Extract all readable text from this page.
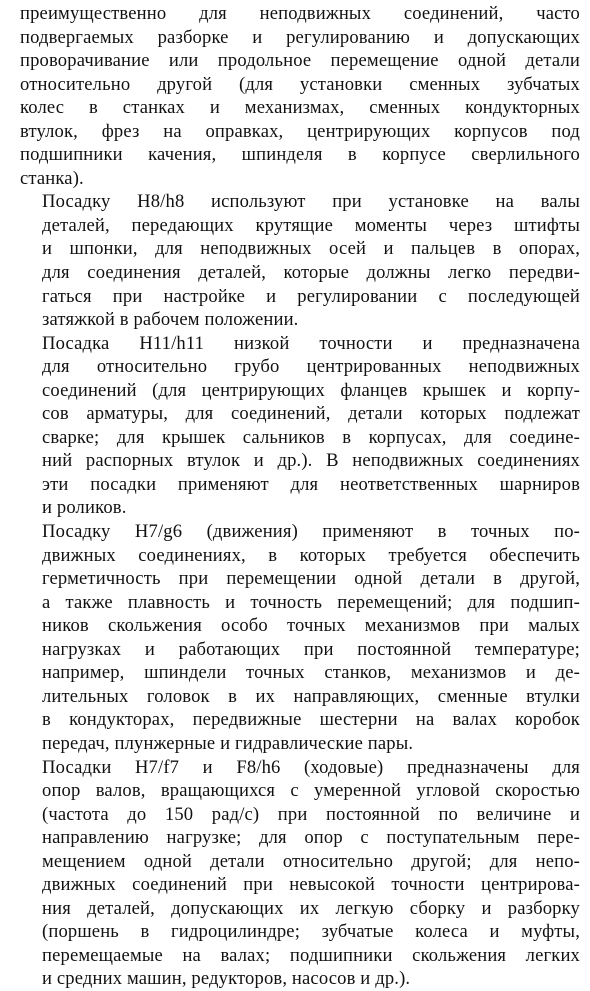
преимущественно для неподвижных соединений, часто
подвергаемых разборке и регулированию и допускающих
проворачивание или продольное перемещение одной детали
относительно другой (для установки сменных зубчатых
колес в станках и механизмах, сменных кондукторных
втулок, фрез на оправках, центрирующих корпусов под
подшипники качения, шпинделя в корпусе сверлильного
станка).

Посадку H8/h8 используют при установке на валы
деталей, передающих крутящие моменты через штифты
и шпонки, для неподвижных осей и пальцев в опорах,
для соединения деталей, которые должны легко передви-
гаться при настройке и регулировании с последующей
затяжкой в рабочем положении.

Посадка H11/h11 низкой точности и предназначена
для относительно грубо центрированных неподвижных
соединений (для центрирующих фланцев крышек и корпу-
сов арматуры, для соединений, детали которых подлежат
сварке; для крышек сальников в корпусах, для соедине-
ний распорных втулок и др.). В неподвижных соединениях
эти посадки применяют для неответственных шарниров
и роликов.

Посадку H7/g6 (движения) применяют в точных по-
движных соединениях, в которых требуется обеспечить
герметичность при перемещении одной детали в другой,
а также плавность и точность перемещений; для подшип-
ников скольжения особо точных механизмов при малых
нагрузках и работающих при постоянной температуре;
например, шпиндели точных станков, механизмов и де-
лительных головок в их направляющих, сменные втулки
в кондукторах, передвижные шестерни на валах коробок
передач, плунжерные и гидравлические пары.

Посадки H7/f7 и F8/h6 (ходовые) предназначены для
опор валов, вращающихся с умеренной угловой скоростью
(частота до 150 рад/с) при постоянной по величине и
направлению нагрузке; для опор с поступательным пере-
мещением одной детали относительно другой; для непо-
движных соединений при невысокой точности центрирова-
ния деталей, допускающих их легкую сборку и разборку
(поршень в гидроцилиндре; зубчатые колеса и муфты,
перемещаемые на валах; подшипники скольжения легких
и средних машин, редукторов, насосов и др.).
